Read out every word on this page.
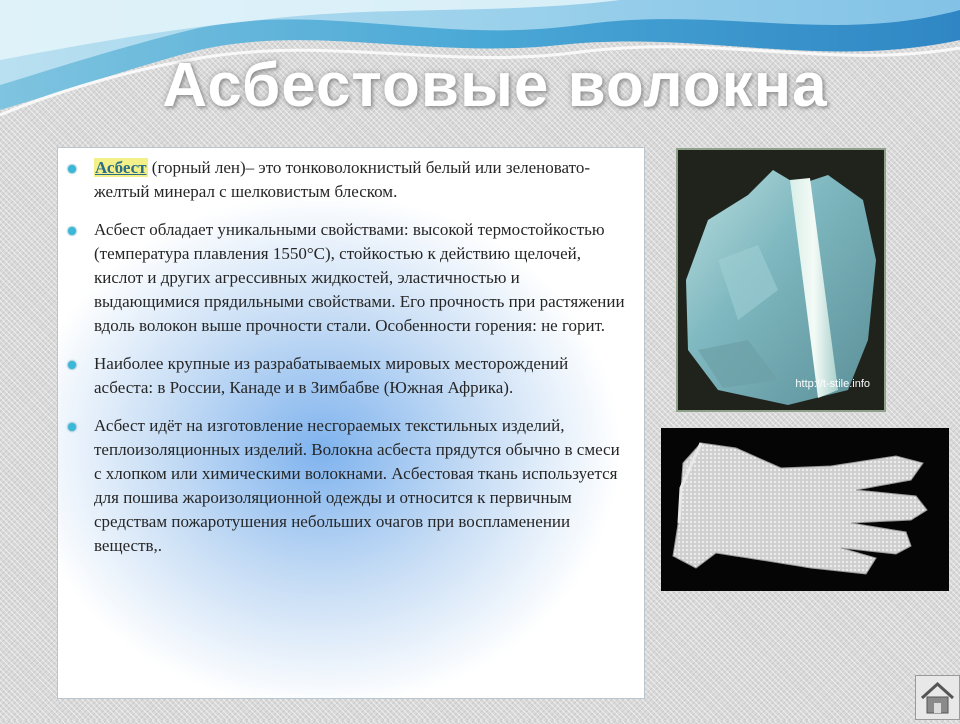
Асбестовые волокна
Асбест (горный лен)– это тонковолокнистый белый или зеленовато-желтый минерал с шелковистым блеском.
Асбест обладает уникальными свойствами: высокой термостойкостью (температура плавления 1550°С), стойкостью к действию щелочей, кислот и других агрессивных жидкостей, эластичностью и выдающимися прядильными свойствами. Его прочность при растяжении вдоль волокон выше прочности стали. Особенности горения: не горит.
Наиболее крупные из разрабатываемых мировых месторождений асбеста: в России, Канаде и в Зимбабве (Южная Африка).
Асбест идёт на изготовление несгораемых текстильных изделий, теплоизоляционных изделий. Волокна асбеста прядутся обычно в смеси с хлопком или химическими волокнами. Асбестовая ткань используется для пошива жароизоляционной одежды и относится к первичным средствам пожаротушения небольших очагов при воспламенении веществ,.
http://t-stile.info
